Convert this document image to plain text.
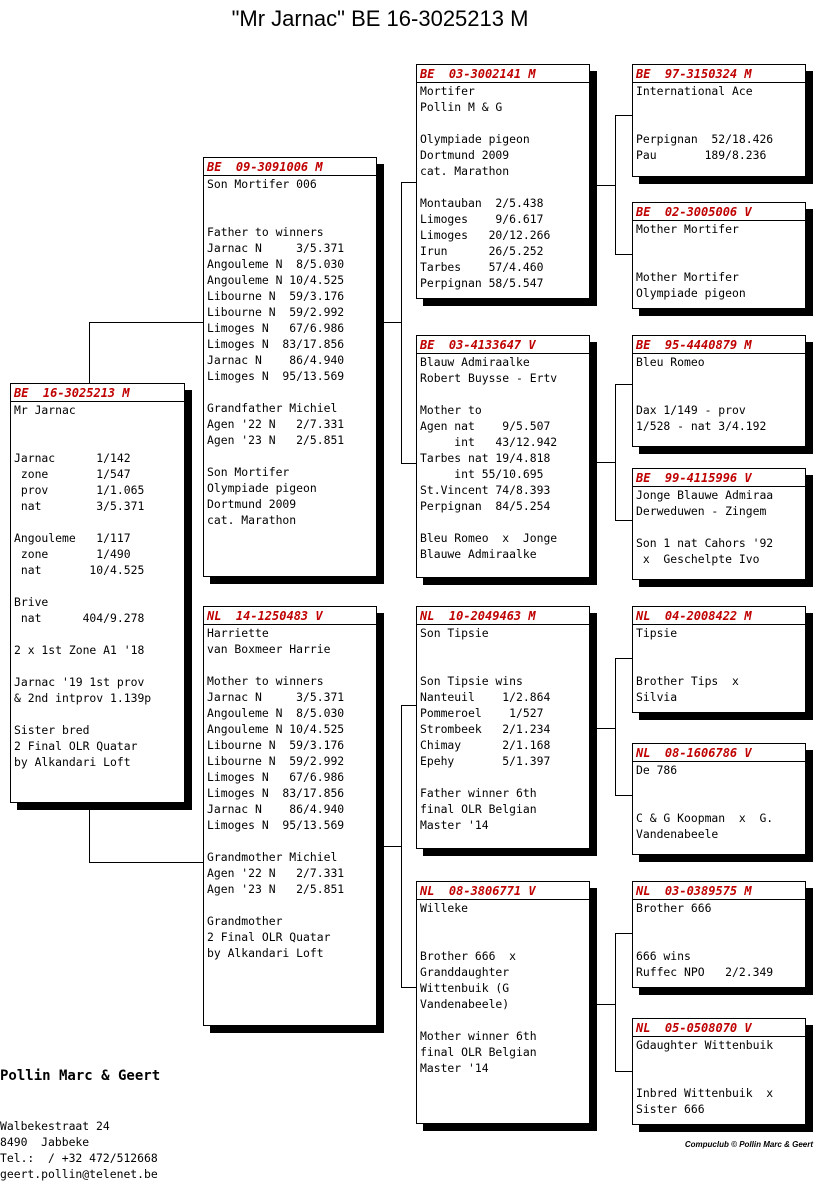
"Mr Jarnac" BE 16-3025213 M
BE  16-3025213 M
Mr Jarnac

Jarnac      1/142
zone       1/547
prov       1/1.065
nat        3/5.371

Angouleme   1/117
zone       1/490
nat       10/4.525

Brive
nat      404/9.278

2 x 1st Zone A1 '18

Jarnac '19 1st prov
& 2nd intprov 1.139p

Sister bred
2 Final OLR Quatar
by Alkandari Loft
BE  09-3091006 M
Son Mortifer 006

Father to winners
Jarnac N     3/5.371
Angouleme N  8/5.030
Angouleme N 10/4.525
Libourne N  59/3.176
Libourne N  59/2.992
Limoges N   67/6.986
Limoges N  83/17.856
Jarnac N    86/4.940
Limoges N  95/13.569

Grandfather Michiel
Agen '22 N   2/7.331
Agen '23 N   2/5.851

Son Mortifer
Olympiade pigeon
Dortmund 2009
cat. Marathon
NL  14-1250483 V
Harriette
van Boxmeer Harrie

Mother to winners
Jarnac N     3/5.371
Angouleme N  8/5.030
Angouleme N 10/4.525
Libourne N  59/3.176
Libourne N  59/2.992
Limoges N   67/6.986
Limoges N  83/17.856
Jarnac N    86/4.940
Limoges N  95/13.569

Grandmother Michiel
Agen '22 N   2/7.331
Agen '23 N   2/5.851

Grandmother
2 Final OLR Quatar
by Alkandari Loft
BE  03-3002141 M
Mortifer
Pollin M & G

Olympiade pigeon
Dortmund 2009
cat. Marathon

Montauban  2/5.438
Limoges    9/6.617
Limoges   20/12.266
Irun      26/5.252
Tarbes    57/4.460
Perpignan 58/5.547
BE  03-4133647 V
Blauw Admiraalke
Robert Buysse - Ertv

Mother to
Agen nat    9/5.507
int   43/12.942
Tarbes nat 19/4.818
int 55/10.695
St.Vincent 74/8.393
Perpignan  84/5.254

Bleu Romeo  x  Jonge
Blauwe Admiraalke
NL  10-2049463 M
Son Tipsie

Son Tipsie wins
Nanteuil    1/2.864
Pommeroel    1/527
Strombeek   2/1.234
Chimay      2/1.168
Epehy       5/1.397

Father winner 6th
final OLR Belgian
Master '14
NL  08-3806771 V
Willeke

Brother 666  x
Granddaughter
Wittenbuik (G
Vandenabeele)

Mother winner 6th
final OLR Belgian
Master '14
BE  97-3150324 M
International Ace

Perpignan  52/18.426
Pau       189/8.236
BE  02-3005006 V
Mother Mortifer

Mother Mortifer
Olympiade pigeon
BE  95-4440879 M
Bleu Romeo

Dax 1/149 - prov
1/528 - nat 3/4.192
BE  99-4115996 V
Jonge Blauwe Admiraa
Derweduwen - Zingem

Son 1 nat Cahors '92
x  Geschelpte Ivo
NL  04-2008422 M
Tipsie

Brother Tips  x
Silvia
NL  08-1606786 V
De 786

C & G Koopman  x  G.
Vandenabeele
NL  03-0389575 M
Brother 666

666 wins
Ruffec NPO   2/2.349
NL  05-0508070 V
Gdaughter Wittenbuik

Inbred Wittenbuik  x
Sister 666

Pollin Marc & Geert

Walbekestraat 24
8490  Jabbeke
Tel.:  / +32 472/512668
geert.pollin@telenet.be

Compuclub © Pollin Marc & Geert
